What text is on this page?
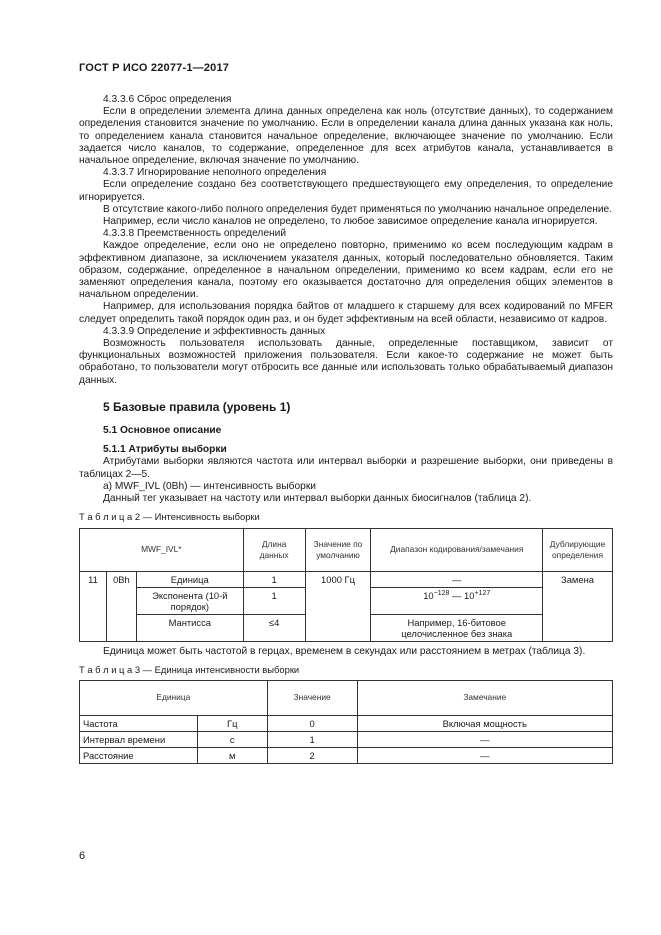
ГОСТ Р ИСО 22077-1—2017

4.3.3.6 Сброс определения

Если в определении элемента длина данных определена как ноль (отсутствие данных), то содержанием определения становится значение по умолчанию. Если в определении канала длина данных указана как ноль, то определением канала становится начальное определение, включающее значение по умолчанию. Если задается число каналов, то содержание, определенное для всех атрибутов канала, устанавливается в начальное определение, включая значение по умолчанию.

4.3.3.7 Игнорирование неполного определения

Если определение создано без соответствующего предшествующего ему определения, то определение игнорируется.

В отсутствие какого-либо полного определения будет применяться по умолчанию начальное определение.

Например, если число каналов не определено, то любое зависимое определение канала игнорируется.

4.3.3.8 Преемственность определений

Каждое определение, если оно не определено повторно, применимо ко всем последующим кадрам в эффективном диапазоне, за исключением указателя данных, который последовательно обновляется. Таким образом, содержание, определенное в начальном определении, применимо ко всем кадрам, если его не заменяют определения канала, поэтому его оказывается достаточно для определения общих элементов в начальном определении.

Например, для использования порядка байтов от младшего к старшему для всех кодирований по MFER следует определить такой порядок один раз, и он будет эффективным на всей области, независимо от кадров.

4.3.3.9 Определение и эффективность данных

Возможность пользователя использовать данные, определенные поставщиком, зависит от функциональных возможностей приложения пользователя. Если какое-то содержание не может быть обработано, то пользователи могут отбросить все данные или использовать только обрабатываемый диапазон данных.

5 Базовые правила (уровень 1)
5.1 Основное описание
5.1.1 Атрибуты выборки

Атрибутами выборки являются частота или интервал выборки и разрешение выборки, они приведены в таблицах 2—5.

а) MWF_IVL (0Bh) — интенсивность выборки

Данный тег указывает на частоту или интервал выборки данных биосигналов (таблица 2).

Т а б л и ц а 2 — Интенсивность выборки

MWF_IVL*			Длина данных	Значение по умолчанию	Диапазон кодирования/замечания	Дублирующие определения
11	0Bh	Единица	1	1000 Гц	—	Замена
		Экспонента (10-й порядок)	1		$10^{-128}$ — $10^{+127}$
		Мантисса	≤4		Например, 16-битовое целочисленное без знака	

Единица может быть частотой в герцах, временем в секундах или расстоянием в метрах (таблица 3).

Т а б л и ц а 3 — Единица интенсивности выборки

Единица		Значение	Замечание
Частота	Гц	0	Включая мощность
Интервал времени	с	1	—
Расстояние	м	2	—
6
